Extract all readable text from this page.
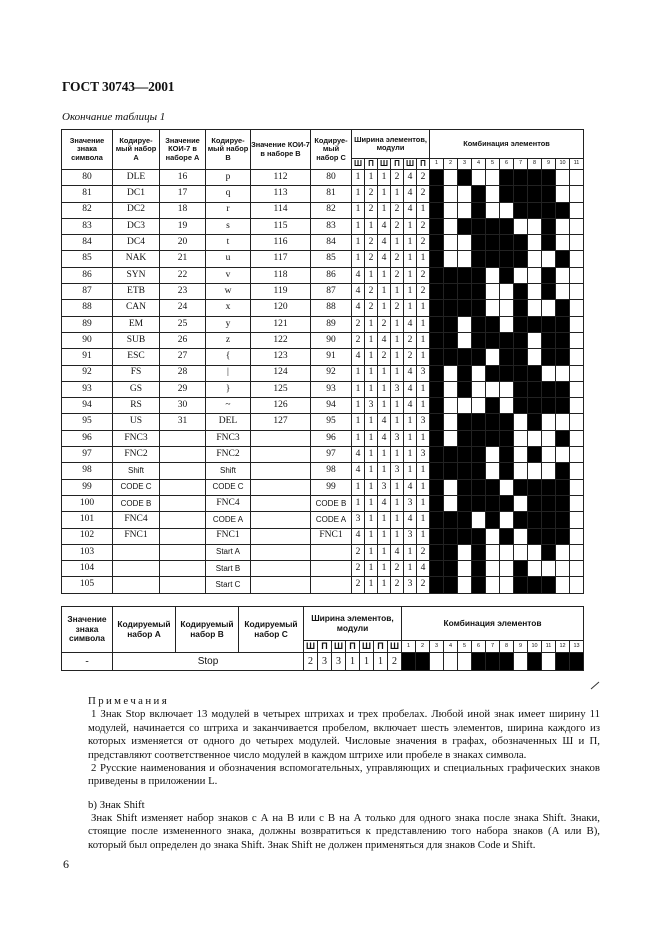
ГОСТ 30743—2001
Окончание таблицы 1
Значение знака символа	Кодируе-мый набор А	Значение КОИ-7 в наборе А	Кодируе-мый набор В	Значение КОИ-7 в наборе В	Кодируе-мый набор С	Ширина элементов, модули						Комбинация элементов										
						Ш	П	Ш	П	Ш	П	1	2	3	4	5	6	7	8	9	10	11
80	DLE	16	p	112	80	1	1	1	2	4	2											
81	DC1	17	q	113	81	1	2	1	1	4	2											
82	DC2	18	r	114	82	1	2	1	2	4	1											
83	DC3	19	s	115	83	1	1	4	2	1	2											
84	DC4	20	t	116	84	1	2	4	1	1	2											
85	NAK	21	u	117	85	1	2	4	2	1	1											
86	SYN	22	v	118	86	4	1	1	2	1	2											
87	ETB	23	w	119	87	4	2	1	1	1	2											
88	CAN	24	x	120	88	4	2	1	2	1	1											
89	EM	25	y	121	89	2	1	2	1	4	1											
90	SUB	26	z	122	90	2	1	4	1	2	1											
91	ESC	27	{	123	91	4	1	2	1	2	1											
92	FS	28	|	124	92	1	1	1	1	4	3											
93	GS	29	}	125	93	1	1	1	3	4	1											
94	RS	30	~	126	94	1	3	1	1	4	1											
95	US	31	DEL	127	95	1	1	4	1	1	3											
96	FNC3		FNC3		96	1	1	4	3	1	1											
97	FNC2		FNC2		97	4	1	1	1	1	3											
98	Shift		Shift		98	4	1	1	3	1	1											
99	CODE C		CODE C		99	1	1	3	1	4	1											
100	CODE B		FNC4		CODE B	1	1	4	1	3	1											
101	FNC4		CODE A		CODE A	3	1	1	1	4	1											
102	FNC1		FNC1		FNC1	4	1	1	1	3	1											
103			Start A			2	1	1	4	1	2											
104			Start B			2	1	1	2	1	4											
105			Start C			2	1	1	2	3	2											
Значение знака символа	Кодируемый набор А	Кодируемый набор В	Кодируемый набор С	Ширина элементов, модули							Комбинация элементов												
				Ш	П	Ш	П	Ш	П	Ш	1	2	3	4	5	6	7	8	9	10	11	12	13
-	Stop			2	3	3	1	1	1	2													

Примечания

1 Знак Stop включает 13 модулей в четырех штрихах и трех пробелах. Любой иной знак имеет ширину 11 модулей, начинается со штриха и заканчивается пробелом, включает шесть элементов, ширина каждого из которых изменяется от одного до четырех модулей. Числовые значения в графах, обозначенных Ш и П, представляют соответственное число модулей в каждом штрихе или пробеле в знаках символа.

2 Русские наименования и обозначения вспомогательных, управляющих и специальных графических знаков приведены в приложении L.

b) Знак Shift

Знак Shift изменяет набор знаков с А на В или с В на А только для одного знака после знака Shift. Знаки, стоящие после измененного знака, должны возвратиться к представлению того набора знаков (А или В), который был определен до знака Shift. Знак Shift не должен применяться для знаков Code и Shift.

6
